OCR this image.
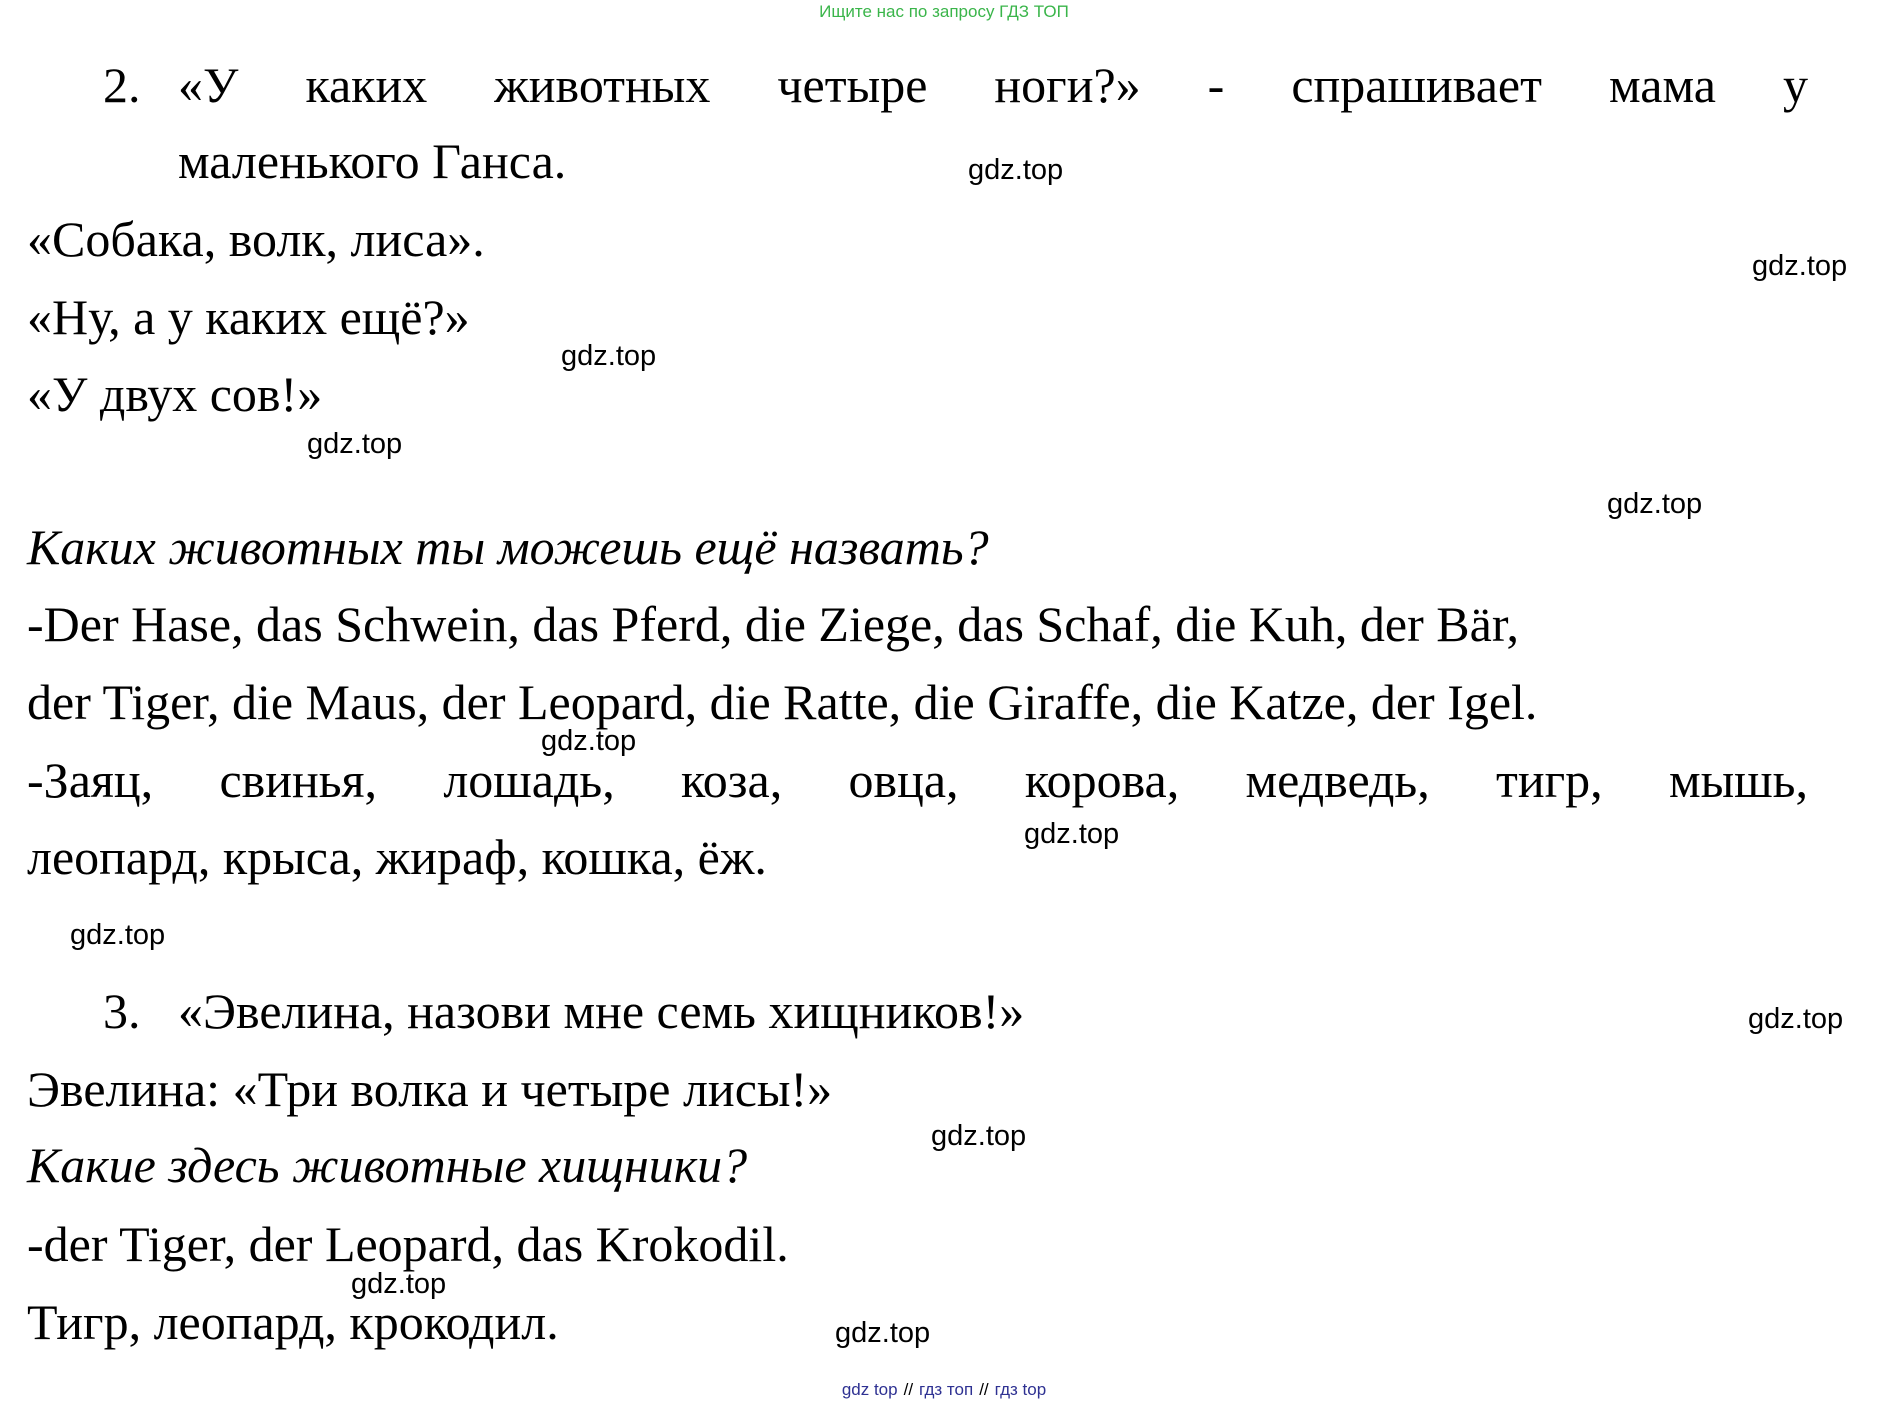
Ищите нас по запросу ГДЗ ТОП
2. «У каких животных четыре ноги?» - спрашивает мама у
маленького Ганса.
«Собака, волк, лиса».
«Ну, а у каких ещё?»
«У двух сов!»
Каких животных ты можешь ещё назвать?
-Der Hase, das Schwein, das Pferd, die Ziege, das Schaf, die Kuh, der Bär,
der Tiger, die Maus, der Leopard, die Ratte, die Giraffe, die Katze, der Igel.
-Заяц, свинья, лошадь, коза, овца, корова, медведь, тигр, мышь,
леопард, крыса, жираф, кошка, ёж.
3. «Эвелина, назови мне семь хищников!»
Эвелина: «Три волка и четыре лисы!»
Какие здесь животные хищники?
-der Tiger, der Leopard, das Krokodil.
Тигр, леопард, крокодил.
gdz.top
gdz.top
gdz.top
gdz.top
gdz.top
gdz.top
gdz.top
gdz.top
gdz.top
gdz.top
gdz.top
gdz.top
gdz top // гдз топ // гдз top
